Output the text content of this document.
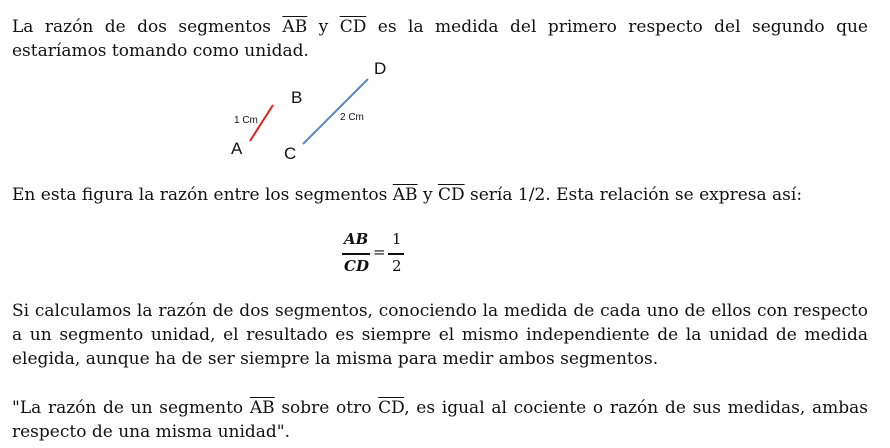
La razón de dos segmentos $\overline{AB}$ y $\overline{CD}$ es la medida del primero respecto del segundo que
estaríamos tomando como unidad.
A
B
C
D
1 Cm	2 Cm
En esta figura la razón entre los segmentos $\overline{AB}$ y $\overline{CD}$ sería 1/2. Esta relación se expresa así:
AB
CD
=
1
2
Si calculamos la razón de dos segmentos, conociendo la medida de cada uno de ellos con respecto
a un segmento unidad, el resultado es siempre el mismo independiente de la unidad de medida
elegida, aunque ha de ser siempre la misma para medir ambos segmentos.
"La razón de un segmento $\overline{AB}$ sobre otro $\overline{CD}$, es igual al cociente o razón de sus medidas, ambas
respecto de una misma unidad".
